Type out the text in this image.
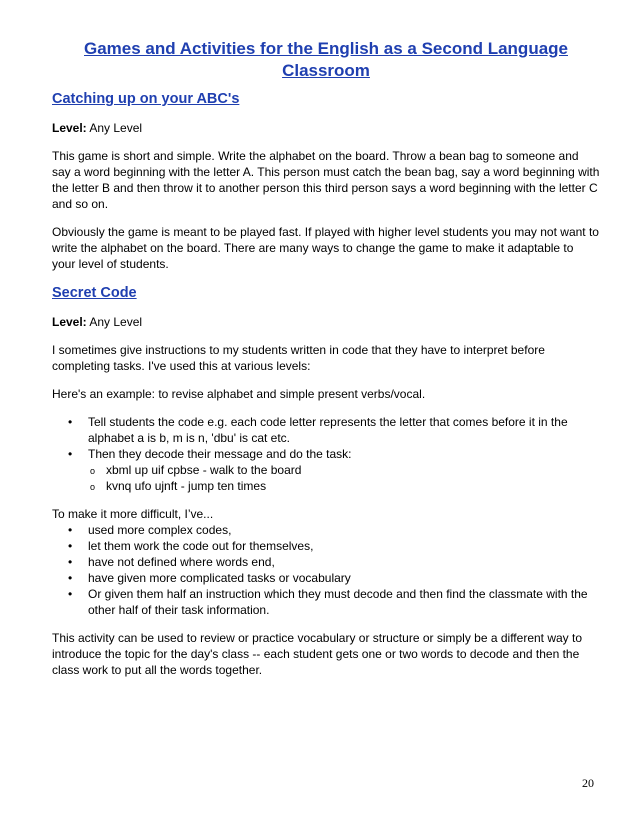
Games and Activities for the English as a Second Language Classroom
Catching up on your ABC's

Level: Any Level

This game is short and simple. Write the alphabet on the board. Throw a bean bag to someone and say a word beginning with the letter A. This person must catch the bean bag, say a word beginning with the letter B and then throw it to another person this third person says a word beginning with the letter C and so on.

Obviously the game is meant to be played fast. If played with higher level students you may not want to write the alphabet on the board. There are many ways to change the game to make it adaptable to your level of students.

Secret Code

Level: Any Level

I sometimes give instructions to my students written in code that they have to interpret before completing tasks. I've used this at various levels:

Here's an example: to revise alphabet and simple present verbs/vocal.

• Tell students the code e.g. each code letter represents the letter that comes before it in the alphabet a is b, m is n, 'dbu' is cat etc.
• Then they decode their message and do the task:
o xbml up uif cpbse - walk to the board
o kvnq ufo ujnft - jump ten times

To make it more difficult, I’ve...

• used more complex codes,
• let them work the code out for themselves,
• have not defined where words end,
• have given more complicated tasks or vocabulary
• Or given them half an instruction which they must decode and then find the classmate with the other half of their task information.

This activity can be used to review or practice vocabulary or structure or simply be a different way to introduce the topic for the day's class -- each student gets one or two words to decode and then the class work to put all the words together.

20
